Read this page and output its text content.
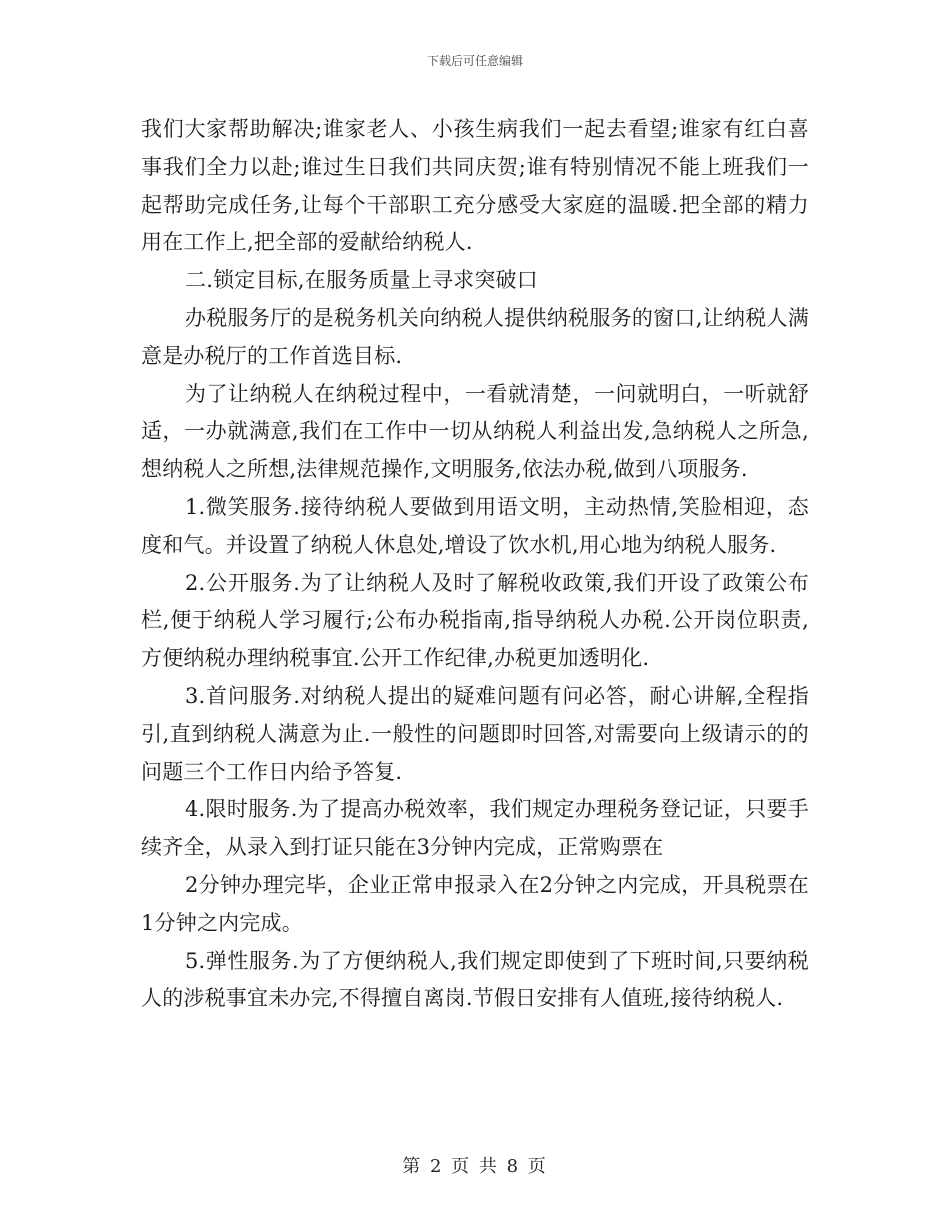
下载后可任意编辑

我们大家帮助解决;谁家老人、小孩生病我们一起去看望;谁家有红白喜事我们全力以赴;谁过生日我们共同庆贺;谁有特别情况不能上班我们一起帮助完成任务,让每个干部职工充分感受大家庭的温暖.把全部的精力用在工作上,把全部的爱献给纳税人.

二.锁定目标,在服务质量上寻求突破口

办税服务厅的是税务机关向纳税人提供纳税服务的窗口,让纳税人满意是办税厅的工作首选目标.

为了让纳税人在纳税过程中，一看就清楚，一问就明白，一听就舒适，一办就满意,我们在工作中一切从纳税人利益出发,急纳税人之所急,想纳税人之所想,法律规范操作,文明服务,依法办税,做到八项服务.

1.微笑服务.接待纳税人要做到用语文明，主动热情,笑脸相迎，态度和气。并设置了纳税人休息处,增设了饮水机,用心地为纳税人服务.

2.公开服务.为了让纳税人及时了解税收政策,我们开设了政策公布栏,便于纳税人学习履行;公布办税指南,指导纳税人办税.公开岗位职责,方便纳税办理纳税事宜.公开工作纪律,办税更加透明化.

3.首问服务.对纳税人提出的疑难问题有问必答，耐心讲解,全程指引,直到纳税人满意为止.一般性的问题即时回答,对需要向上级请示的的问题三个工作日内给予答复.

4.限时服务.为了提高办税效率，我们规定办理税务登记证，只要手续齐全，从录入到打证只能在3分钟内完成，正常购票在

2分钟办理完毕，企业正常申报录入在2分钟之内完成，开具税票在1分钟之内完成。

5.弹性服务.为了方便纳税人,我们规定即使到了下班时间,只要纳税人的涉税事宜未办完,不得擅自离岗.节假日安排有人值班,接待纳税人.

第 2 页 共 8 页
